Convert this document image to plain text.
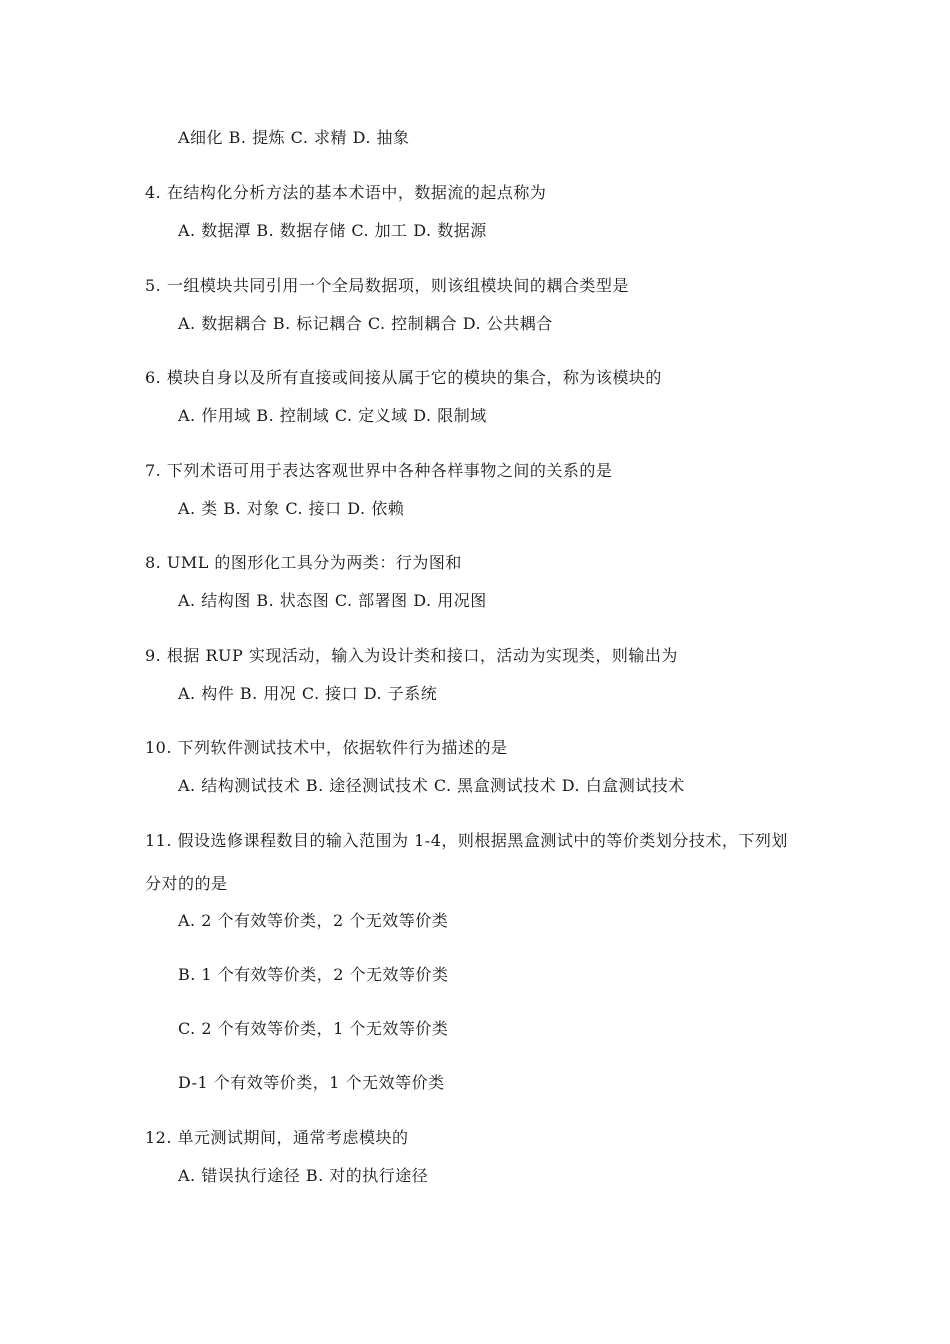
A细化 B. 提炼 C. 求精 D. 抽象
4. 在结构化分析方法的基本术语中，数据流的起点称为
A. 数据潭 B. 数据存储 C. 加工 D. 数据源
5. 一组模块共同引用一个全局数据项，则该组模块间的耦合类型是
A. 数据耦合 B. 标记耦合 C. 控制耦合 D. 公共耦合
6. 模块自身以及所有直接或间接从属于它的模块的集合，称为该模块的
A. 作用域 B. 控制域 C. 定义域 D. 限制域
7. 下列术语可用于表达客观世界中各种各样事物之间的关系的是
A. 类 B. 对象 C. 接口 D. 依赖
8. UML 的图形化工具分为两类：行为图和
A. 结构图 B. 状态图 C. 部署图 D. 用况图
9. 根据 RUP 实现活动，输入为设计类和接口，活动为实现类，则输出为
A. 构件 B. 用况 C. 接口 D. 子系统
10. 下列软件测试技术中，依据软件行为描述的是
A. 结构测试技术 B. 途径测试技术 C. 黑盒测试技术 D. 白盒测试技术
11. 假设选修课程数目的输入范围为 1-4，则根据黑盒测试中的等价类划分技术，下列划
分对的的是
A. 2 个有效等价类，2 个无效等价类
B. 1 个有效等价类，2 个无效等价类
C. 2 个有效等价类，1 个无效等价类
D-1 个有效等价类，1 个无效等价类
12. 单元测试期间，通常考虑模块的
A. 错误执行途径 B. 对的执行途径
